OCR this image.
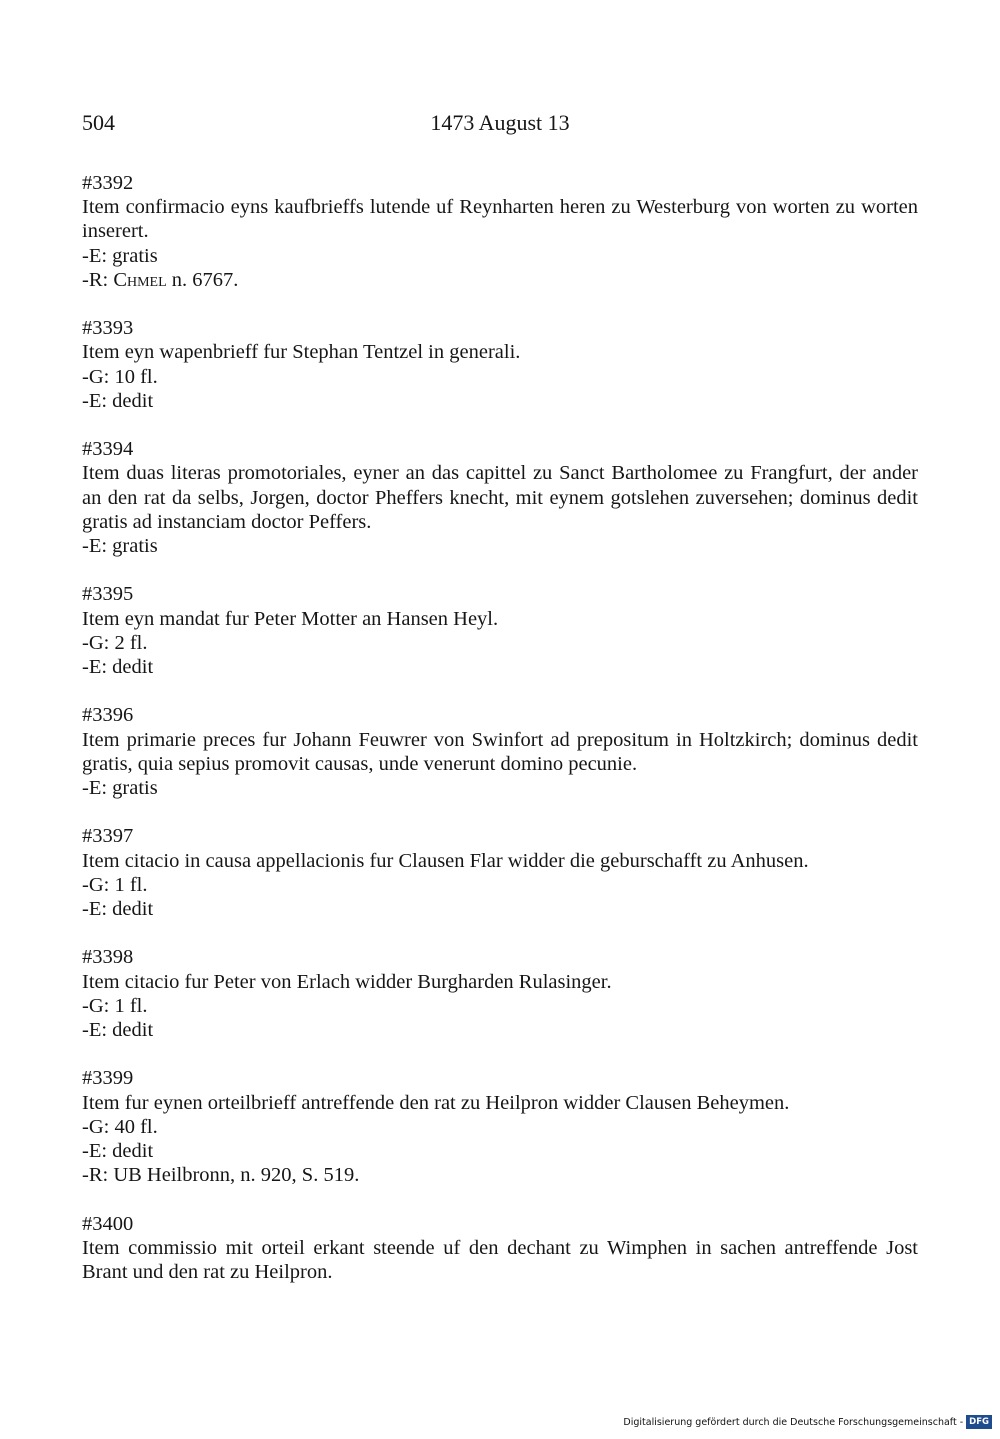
504	1473 August 13
#3392
Item confirmacio eyns kaufbrieffs lutende uf Reynharten heren zu Westerburg von worten zu worten inserert.
-E: gratis
-R: Chmel n. 6767.
#3393
Item eyn wapenbrieff fur Stephan Tentzel in generali.
-G: 10 fl.
-E: dedit
#3394
Item duas literas promotoriales, eyner an das capittel zu Sanct Bartholomee zu Frangfurt, der ander an den rat da selbs, Jorgen, doctor Pheffers knecht, mit eynem gotslehen zuversehen; dominus dedit gratis ad instanciam doctor Peffers.
-E: gratis
#3395
Item eyn mandat fur Peter Motter an Hansen Heyl.
-G: 2 fl.
-E: dedit
#3396
Item primarie preces fur Johann Feuwrer von Swinfort ad prepositum in Holtzkirch; dominus dedit gratis, quia sepius promovit causas, unde venerunt domino pecunie.
-E: gratis
#3397
Item citacio in causa appellacionis fur Clausen Flar widder die geburschafft zu Anhusen.
-G: 1 fl.
-E: dedit
#3398
Item citacio fur Peter von Erlach widder Burgharden Rulasinger.
-G: 1 fl.
-E: dedit
#3399
Item fur eynen orteilbrieff antreffende den rat zu Heilpron widder Clausen Beheymen.
-G: 40 fl.
-E: dedit
-R: UB Heilbronn, n. 920, S. 519.
#3400
Item commissio mit orteil erkant steende uf den dechant zu Wimphen in sachen antreffende Jost Brant und den rat zu Heilpron.
Digitalisierung gefördert durch die Deutsche Forschungsgemeinschaft - DFG
